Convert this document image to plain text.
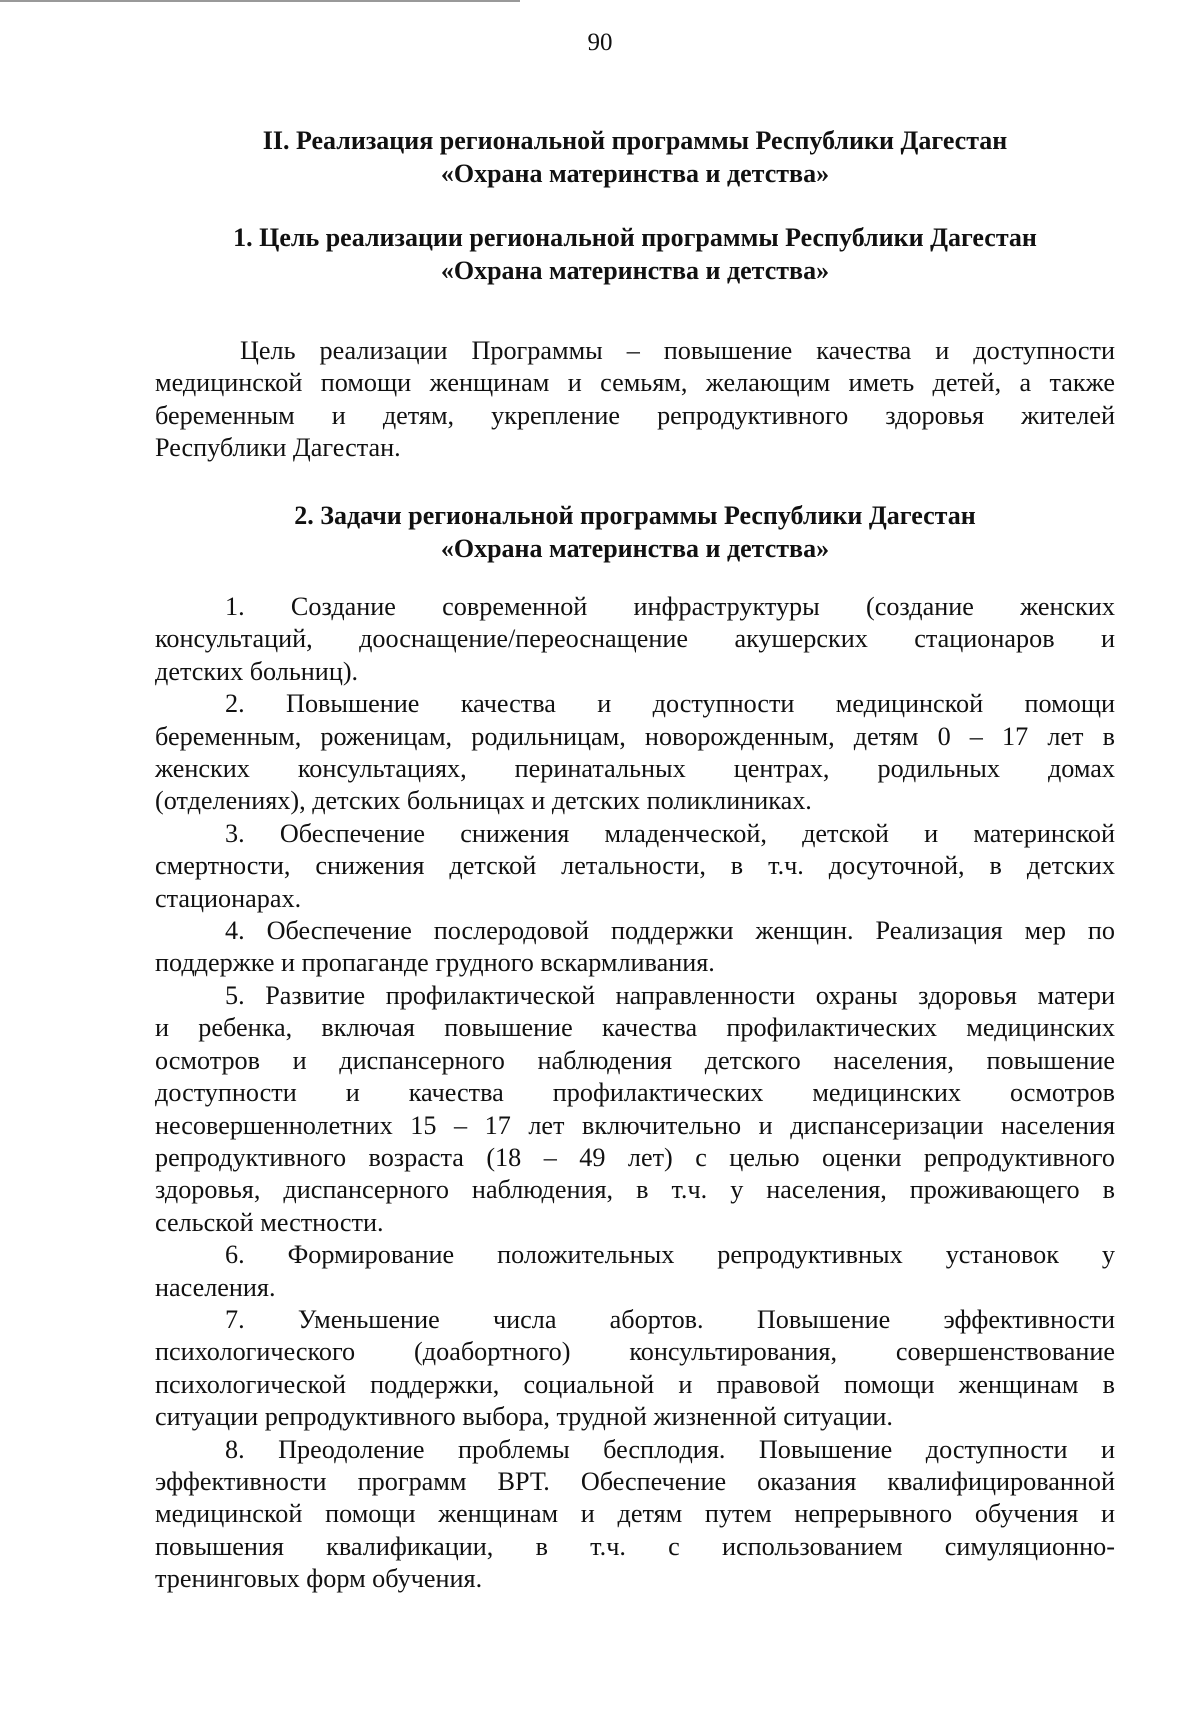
90
II. Реализация региональной программы Республики Дагестан
«Охрана материнства и детства»
1. Цель реализации региональной программы Республики Дагестан
«Охрана материнства и детства»
Цель реализации Программы – повышение качества и доступности
медицинской помощи женщинам и семьям, желающим иметь детей, а также
беременным и детям, укрепление репродуктивного здоровья жителей
Республики Дагестан.
2. Задачи региональной программы Республики Дагестан
«Охрана материнства и детства»
1. Создание современной инфраструктуры (создание женских
консультаций, дооснащение/переоснащение акушерских стационаров и
детских больниц).
2. Повышение качества и доступности медицинской помощи
беременным, роженицам, родильницам, новорожденным, детям 0 – 17 лет в
женских консультациях, перинатальных центрах, родильных домах
(отделениях), детских больницах и детских поликлиниках.
3. Обеспечение снижения младенческой, детской и материнской
смертности, снижения детской летальности, в т.ч. досуточной, в детских
стационарах.
4. Обеспечение послеродовой поддержки женщин. Реализация мер по
поддержке и пропаганде грудного вскармливания.
5. Развитие профилактической направленности охраны здоровья матери
и ребенка, включая повышение качества профилактических медицинских
осмотров и диспансерного наблюдения детского населения, повышение
доступности и качества профилактических медицинских осмотров
несовершеннолетних 15 – 17 лет включительно и диспансеризации населения
репродуктивного возраста (18 – 49 лет) с целью оценки репродуктивного
здоровья, диспансерного наблюдения, в т.ч. у населения, проживающего в
сельской местности.
6. Формирование положительных репродуктивных установок у
населения.
7. Уменьшение числа абортов. Повышение эффективности
психологического (доабортного) консультирования, совершенствование
психологической поддержки, социальной и правовой помощи женщинам в
ситуации репродуктивного выбора, трудной жизненной ситуации.
8. Преодоление проблемы бесплодия. Повышение доступности и
эффективности программ ВРТ. Обеспечение оказания квалифицированной
медицинской помощи женщинам и детям путем непрерывного обучения и
повышения квалификации, в т.ч. с использованием симуляционно-
тренинговых форм обучения.
